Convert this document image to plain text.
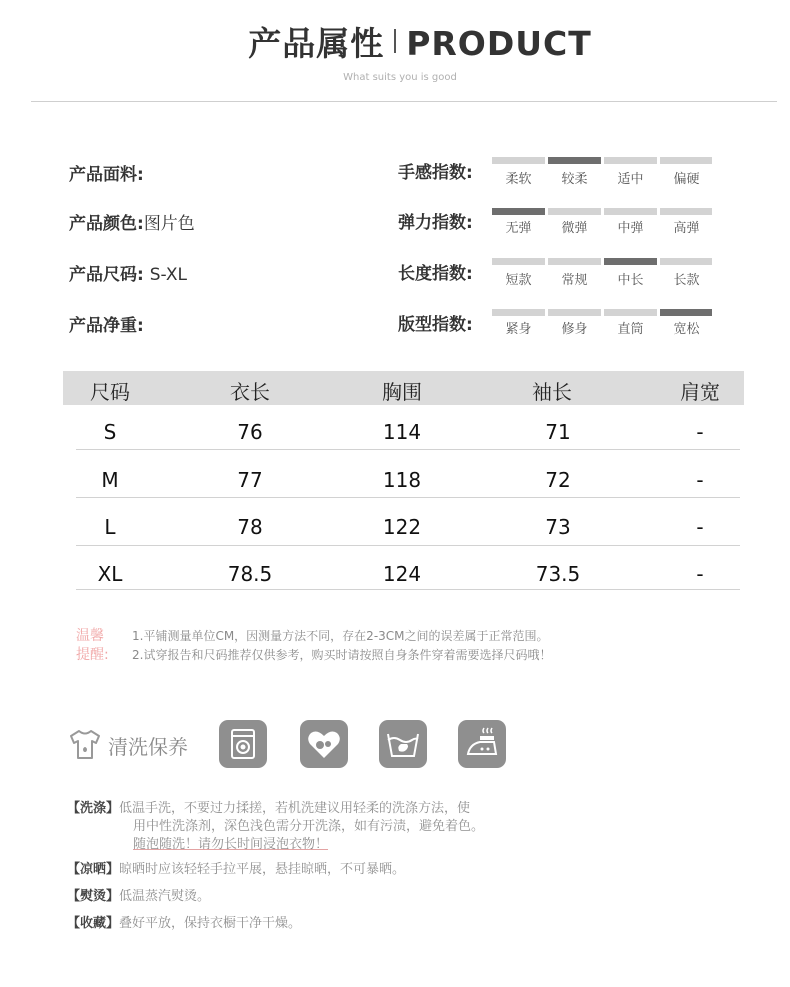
产品属性 PRODUCT
What suits you is good
产品面料:
产品颜色:图片色
产品尺码: S-XL
产品净重:
手感指数:	柔软	较柔	适中	偏硬
弹力指数:	无弹	微弹	中弹	高弹
长度指数:	短款	常规	中长	长款
版型指数:	紧身	修身	直筒	宽松
尺码	衣长	胸围	袖长	肩宽
S	76	114	71	-
M	77	118	72	-
L	78	122	73	-
XL	78.5	124	73.5	-
温馨
提醒:
1.平铺测量单位CM，因测量方法不同，存在2-3CM之间的误差属于正常范围。
2.试穿报告和尺码推荐仅供参考，购买时请按照自身条件穿着需要选择尺码哦！
清洗保养
【洗涤】低温手洗，不要过力揉搓，若机洗建议用轻柔的洗涤方法，使
用中性洗涤剂，深色浅色需分开洗涤，如有污渍，避免着色。
随泡随洗！请勿长时间浸泡衣物！
【凉晒】晾晒时应该轻轻手拉平展，悬挂晾晒，不可暴晒。
【熨烫】低温蒸汽熨烫。
【收藏】叠好平放，保持衣橱干净干燥。
